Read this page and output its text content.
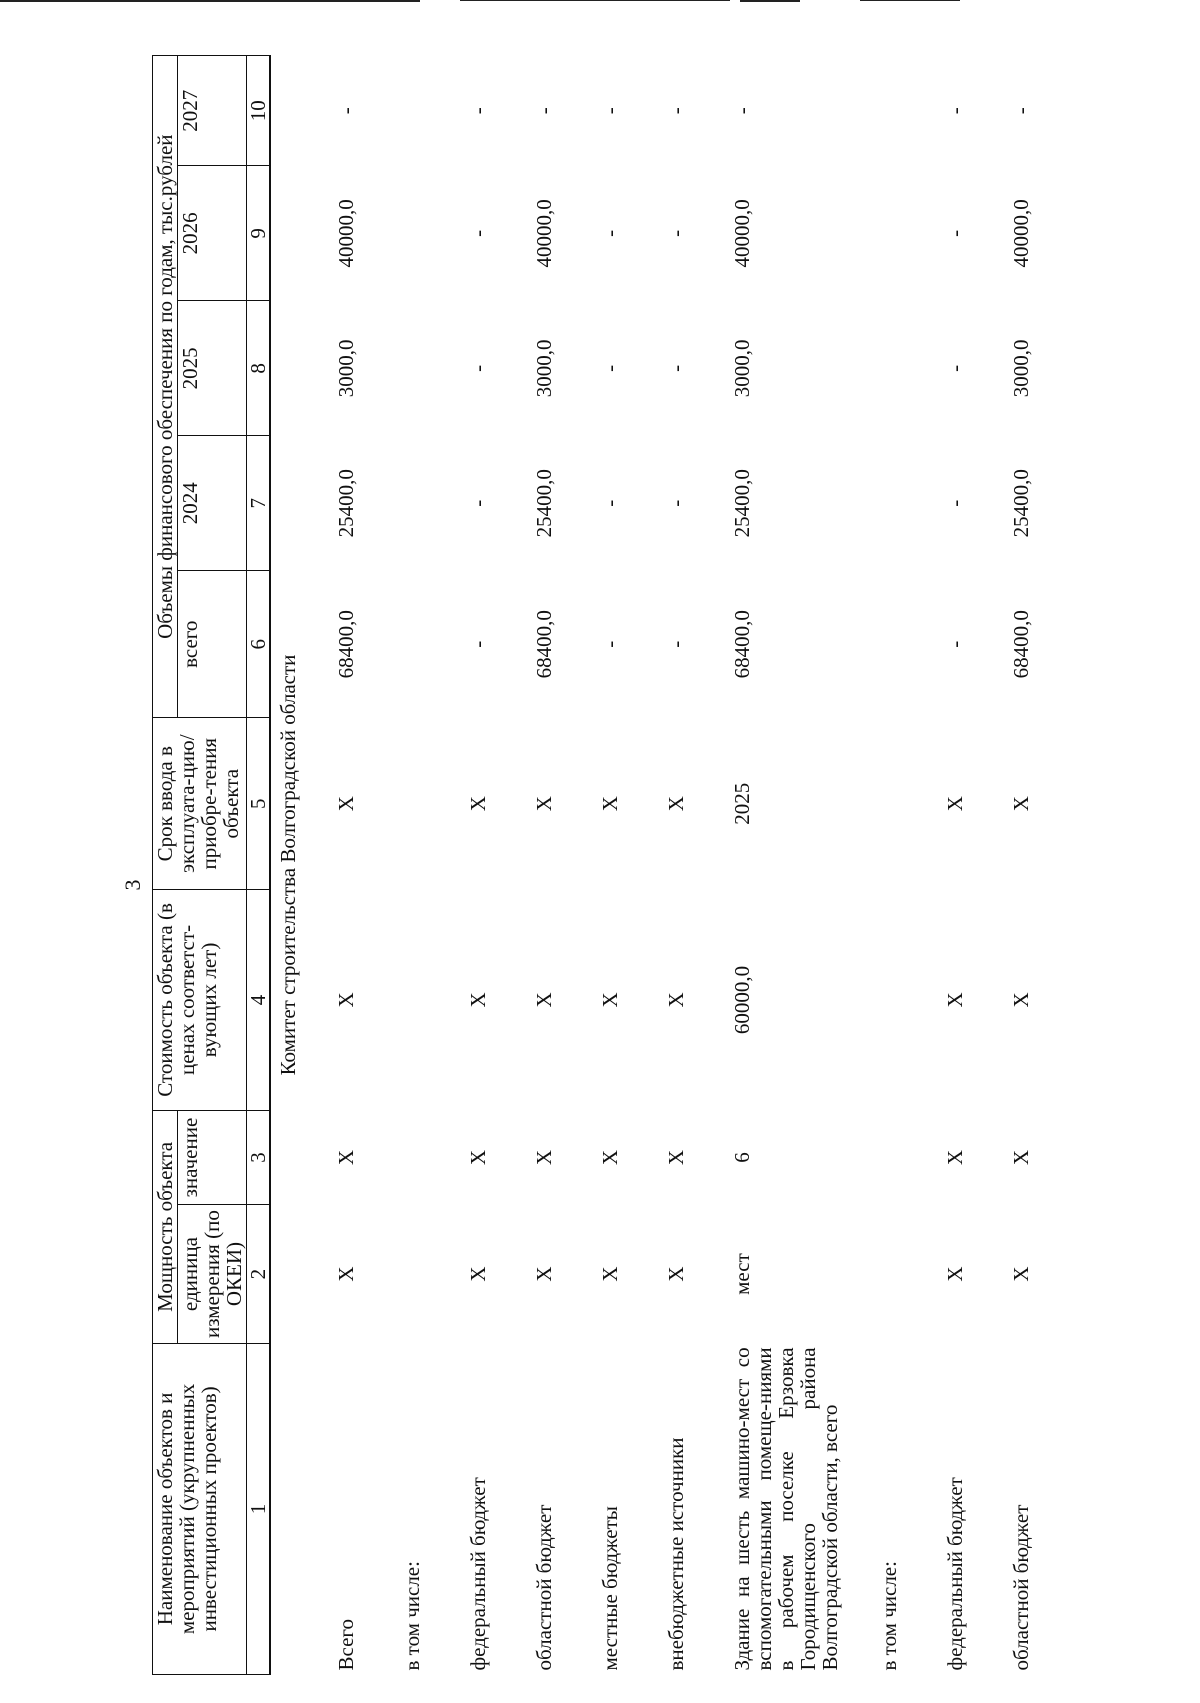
3
Наименование объектов и мероприятий (укрупненных инвестиционных проектов)	Мощность объекта		Стоимость объекта (в ценах соответст-вующих лет)	Срок ввода в эксплуата-цию/приобре-тения объекта	Объемы финансового обеспечения по годам, тыс.рублей				
	единица измерения (по ОКЕИ)	значение			всего	2024	2025	2026	2027
1	2	3	4	5	6	7	8	9	10
Комитет строительства Волгоградской области									
Всего	X	X	X	X	68400,0	25400,0	3000,0	40000,0	-
в том числе:									
федеральный бюджет	X	X	X	X	-	-	-	-	-
областной бюджет	X	X	X	X	68400,0	25400,0	3000,0	40000,0	-
местные бюджеты	X	X	X	X	-	-	-	-	-
внебюджетные источники	X	X	X	X	-	-	-	-	-
Здание на шесть машино-мест со вспомогательными помеще-ниями в рабочем поселке Ерзовка Городищенского района Волгоградской области, всего	мест	6	60000,0	2025	68400,0	25400,0	3000,0	40000,0	-
в том числе:									
федеральный бюджет	X	X	X	X	-	-	-	-	-
областной бюджет	X	X	X	X	68400,0	25400,0	3000,0	40000,0	-
